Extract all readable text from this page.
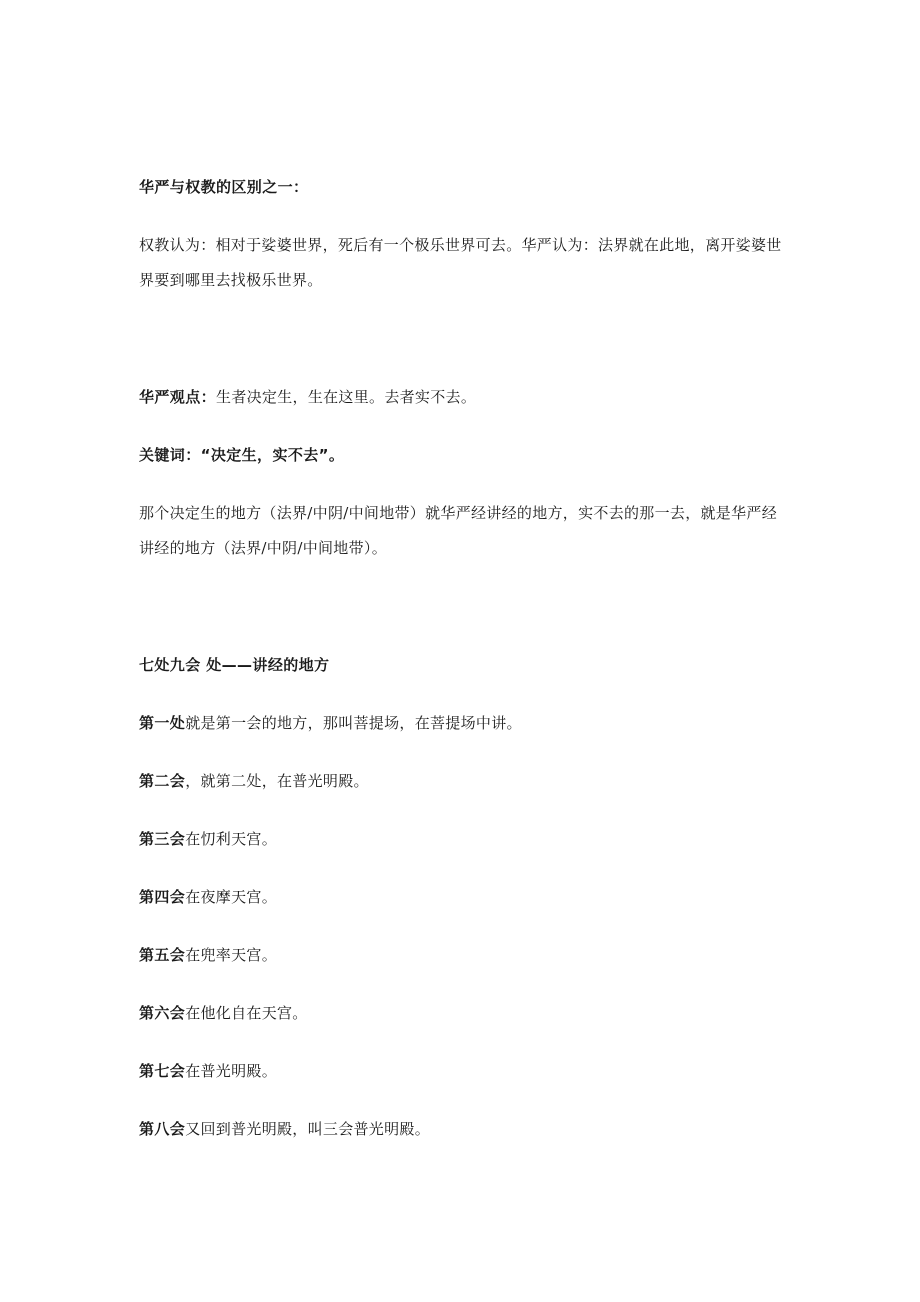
华严与权教的区别之一：

权教认为：相对于娑婆世界，死后有一个极乐世界可去。华严认为：法界就在此地，离开娑婆世界要到哪里去找极乐世界。

华严观点：生者决定生，生在这里。去者实不去。

关键词：“决定生，实不去”。

那个决定生的地方（法界/中阴/中间地带）就华严经讲经的地方，实不去的那一去，就是华严经讲经的地方（法界/中阴/中间地带）。

七处九会 处——讲经的地方

第一处就是第一会的地方，那叫菩提场，在菩提场中讲。

第二会，就第二处，在普光明殿。

第三会在忉利天宫。

第四会在夜摩天宫。

第五会在兜率天宫。

第六会在他化自在天宫。

第七会在普光明殿。

第八会又回到普光明殿，叫三会普光明殿。
